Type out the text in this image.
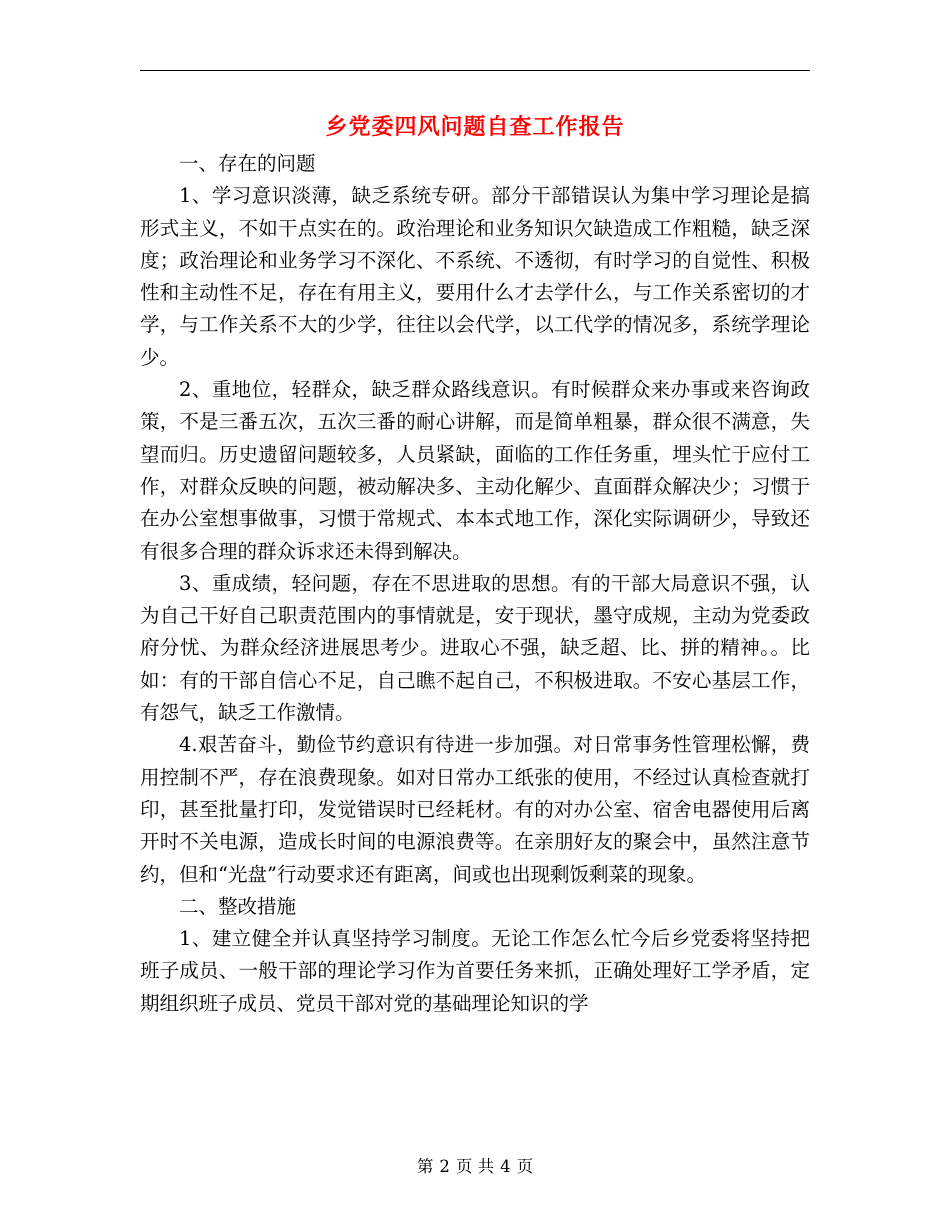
乡党委四风问题自查工作报告

一、存在的问题

1、学习意识淡薄，缺乏系统专研。部分干部错误认为集中学习理论是搞形式主义，不如干点实在的。政治理论和业务知识欠缺造成工作粗糙，缺乏深度；政治理论和业务学习不深化、不系统、不透彻，有时学习的自觉性、积极性和主动性不足，存在有用主义，要用什么才去学什么，与工作关系密切的才学，与工作关系不大的少学，往往以会代学，以工代学的情况多，系统学理论少。

2、重地位，轻群众，缺乏群众路线意识。有时候群众来办事或来咨询政策，不是三番五次，五次三番的耐心讲解，而是简单粗暴，群众很不满意，失望而归。历史遗留问题较多，人员紧缺，面临的工作任务重，埋头忙于应付工作，对群众反映的问题，被动解决多、主动化解少、直面群众解决少；习惯于在办公室想事做事，习惯于常规式、本本式地工作，深化实际调研少，导致还有很多合理的群众诉求还未得到解决。

3、重成绩，轻问题，存在不思进取的思想。有的干部大局意识不强，认为自己干好自己职责范围内的事情就是，安于现状，墨守成规，主动为党委政府分忧、为群众经济进展思考少。进取心不强，缺乏超、比、拼的精神。。比如：有的干部自信心不足，自己瞧不起自己，不积极进取。不安心基层工作，有怨气，缺乏工作激情。

4.艰苦奋斗，勤俭节约意识有待进一步加强。对日常事务性管理松懈，费用控制不严，存在浪费现象。如对日常办工纸张的使用，不经过认真检查就打印，甚至批量打印，发觉错误时已经耗材。有的对办公室、宿舍电器使用后离开时不关电源，造成长时间的电源浪费等。在亲朋好友的聚会中，虽然注意节约，但和“光盘”行动要求还有距离，间或也出现剩饭剩菜的现象。

二、整改措施

1、建立健全并认真坚持学习制度。无论工作怎么忙今后乡党委将坚持把班子成员、一般干部的理论学习作为首要任务来抓，正确处理好工学矛盾，定期组织班子成员、党员干部对党的基础理论知识的学

第 2 页 共 4 页
